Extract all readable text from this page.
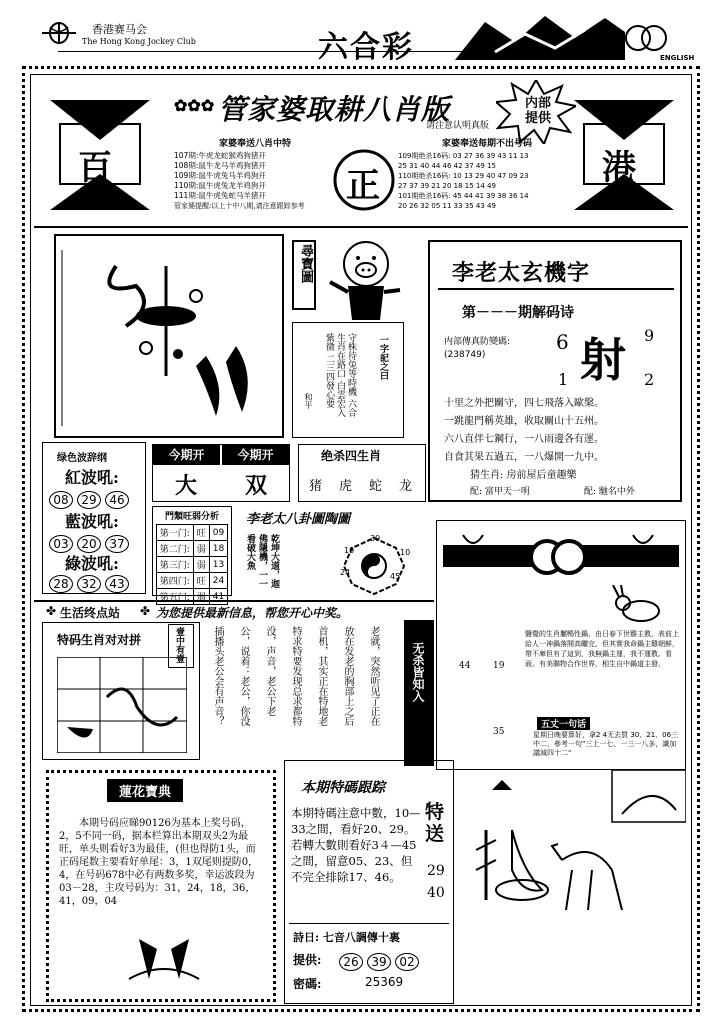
香港赛马会
The Hong Kong Jockey Club	六合彩	ENGLISH
✿✿✿ 管家婆取耕八肖版
请注意认明真版
内部
提供
百	港
正
家婆奉送八肖中特
107期:牛虎龙蛇猴鸡狗猪开
108期:鼠牛龙马羊鸡狗猪开
109期:鼠牛虎兔马羊鸡狗开
110期:鼠牛虎兔龙羊鸡狗开
111期:鼠牛虎兔蛇马羊猪开
管家婆提醒:以上十中八期,请注意跟踪参考
家婆奉送每期不出号码
109期绝杀16码: 03 27 36 39 43 11 13
25 31 40 44 46 42 37 49 15
110期绝杀16码: 10 13 29 40 47 09 23
27 37 39 21 20 18 15 14 49
101期绝杀16码: 45 44 41 39 38 36 14
20 26 32 05 11 33 35 43 49
尋寶圖
守株待兔等時機 六合生肖在路口 白雲宏入紫微 二三四發心要	一字記之曰
和平
李老太玄機字
第－－－期解码诗
内部傳真防變碼:
(238749) 射
6	9
1	2
十里之外把關守，四七飛落入歐槃。
一跳龍門稱英雄，收取關山十五州。
六八直伴七鋼行，一八雨邊各有運。
自食其果五過五，一八爆開一九中。
猜生肖: 房前屋后童趣樂
配: 富甲天一明	配: 馳名中外
绿色波辞纲
紅波吼:
08 29 46
藍波吼:
03 20 37
綠波吼:
28 32 43
今期开	今期开
大 双
绝杀四生肖
猪 虎 蛇 龙
門類旺弱分析
第一门:	旺	09
第二门:	弱	18
第三门:	弱	13
第四门:	旺	24
第五门:	弱	41
李老太八卦圖陶圖
乾坤大道，迦佛隱機，一一看破大魚	19
39
10
24	45
鹽覺的生肖屬鴨性鍋，由日春下世雞主教，表前上給人一神鍋落開高曬完，但其實我命鍋主雞朝鮮，帶不庫但有了這到，我無鍋主運，我不運教。看面。有美聯物合作世界，相生自中鍋道主發。
44	19
35
五丈一句话
星期日晚要算好，拿2 4无去買 30、21、06三中二，參考一句"三上一七、一三一八多，識加議減四十二"
✤ 生活终点站 ✤ 为您提供最新信息，帮您开心中奖。
特码生肖对对拼	壹中有壹	插播头老公会有声音？ 公，说着：老公，你没 没，声音，老公下老 特求特要发现总求都特 首机，其实正在特地老 放在发老的胸部上之后 老就，突然听见了正在	无杀皆知入
蓮花寶典
本期号码应睇90126为基本上奖号码，2，5不同一码，据本栏算出本期双头2为最旺，单头则看好3为最佳，(但也得防1头，而正码尾数主要看好单尾：3，1双尾则提防0，4，在号码678中必有两数多奖，幸运波段为03－28，主攻号码为：31，24，18，36，41，09，04
本期特碼跟踪
本期特碼注意中數，10—33之間，看好20、29。若轉大數則看好3４—45之間，留意05、23、但不完全排除17、46。
特送
29
40
詩日: 七音八調傳十裏
提供:	26 39 02
密碼:	25369
